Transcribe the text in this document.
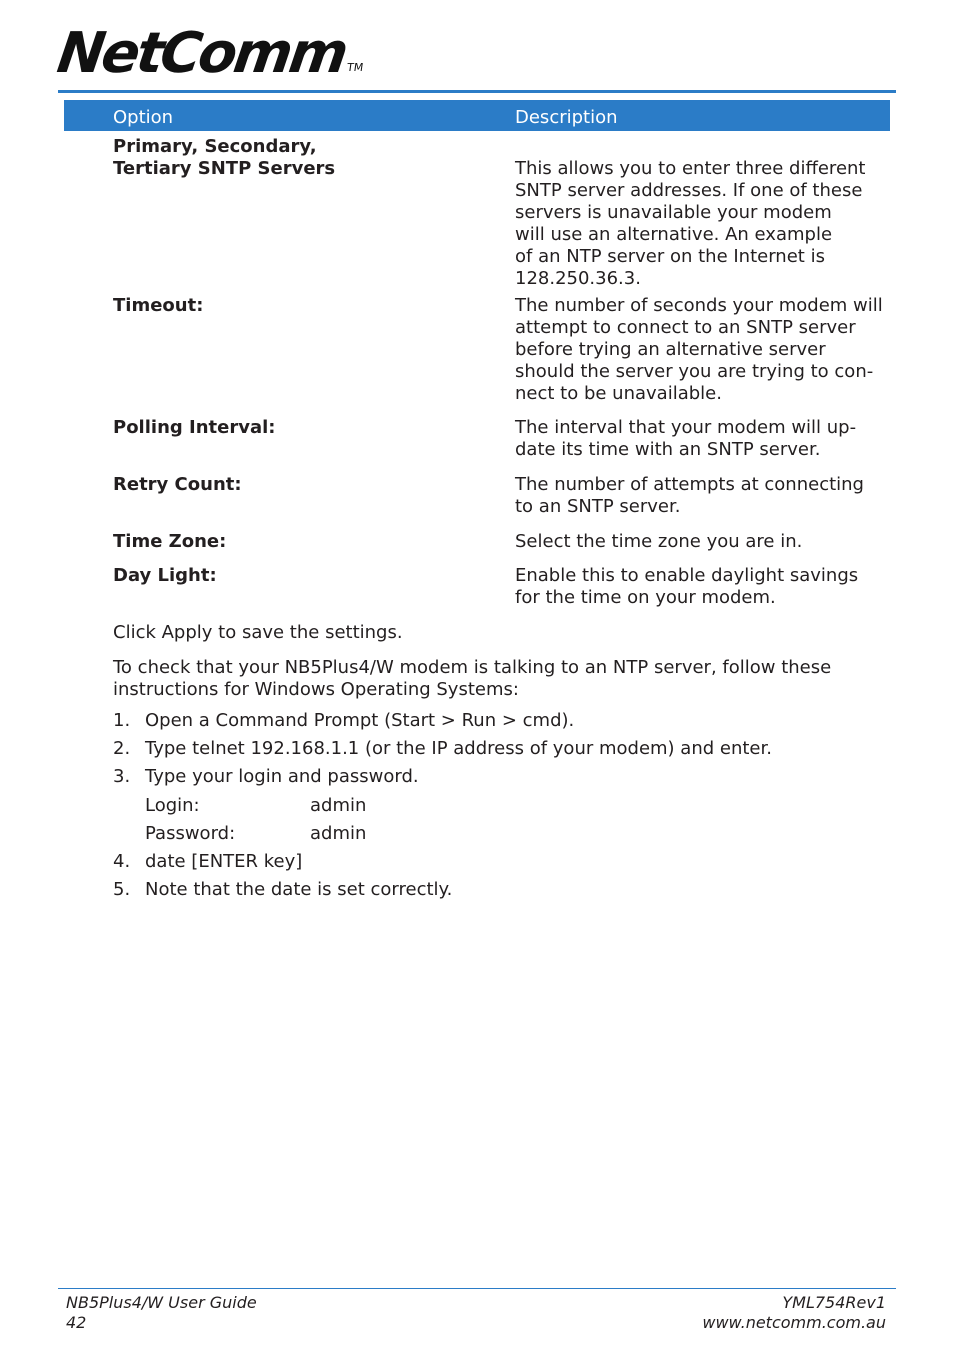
NetComm™
Option	Description
Primary, Secondary,
Tertiary SNTP Servers	This allows you to enter three different
SNTP server addresses. If one of these
servers is unavailable your modem
will use an alternative. An example
of an NTP server on the Internet is
128.250.36.3.
Timeout:	The number of seconds your modem will
attempt to connect to an SNTP server
before trying an alternative server
should the server you are trying to con-
nect to be unavailable.
Polling Interval:	The interval that your modem will up-
date its time with an SNTP server.
Retry Count:	The number of attempts at connecting
to an SNTP server.
Time Zone:	Select the time zone you are in.
Day Light:	Enable this to enable daylight savings
for the time on your modem.
Click Apply to save the settings.
To check that your NB5Plus4/W modem is talking to an NTP server, follow these
instructions for Windows Operating Systems:
1. Open a Command Prompt (Start > Run > cmd).
2. Type telnet 192.168.1.1 (or the IP address of your modem) and enter.
3. Type your login and password.
Login:	admin
Password:	admin
4. date [ENTER key]
5. Note that the date is set correctly.
NB5Plus4/W User Guide
42
YML754Rev1
www.netcomm.com.au
